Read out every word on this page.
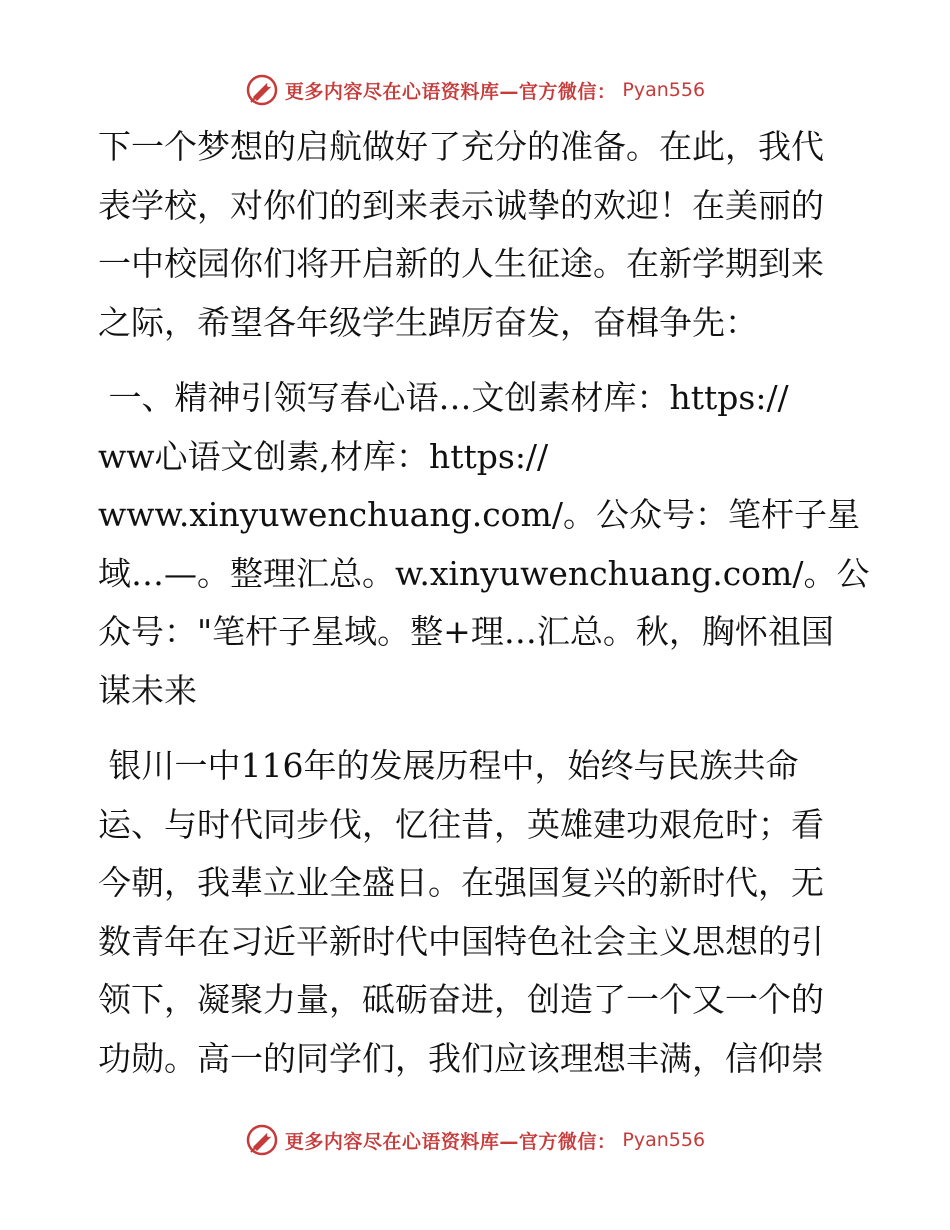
更多内容尽在心语资料库—官方微信： Pyan556
下一个梦想的启航做好了充分的准备。在此，我代
表学校，对你们的到来表示诚挚的欢迎！在美丽的
一中校园你们将开启新的人生征途。在新学期到来
之际，希望各年级学生踔厉奋发，奋楫争先：
一、精神引领写春心语…文创素材库：https://
ww心语文创素,材库：https://
www.xinyuwenchuang.com/。公众号：笔杆子星
域…—。整理汇总。w.xinyuwenchuang.com/。公
众号："笔杆子星域。整+理…汇总。秋，胸怀祖国
谋未来
银川一中116年的发展历程中，始终与民族共命
运、与时代同步伐，忆往昔，英雄建功艰危时；看
今朝，我辈立业全盛日。在强国复兴的新时代，无
数青年在习近平新时代中国特色社会主义思想的引
领下，凝聚力量，砥砺奋进，创造了一个又一个的
功勋。高一的同学们，我们应该理想丰满，信仰崇
更多内容尽在心语资料库—官方微信： Pyan556
